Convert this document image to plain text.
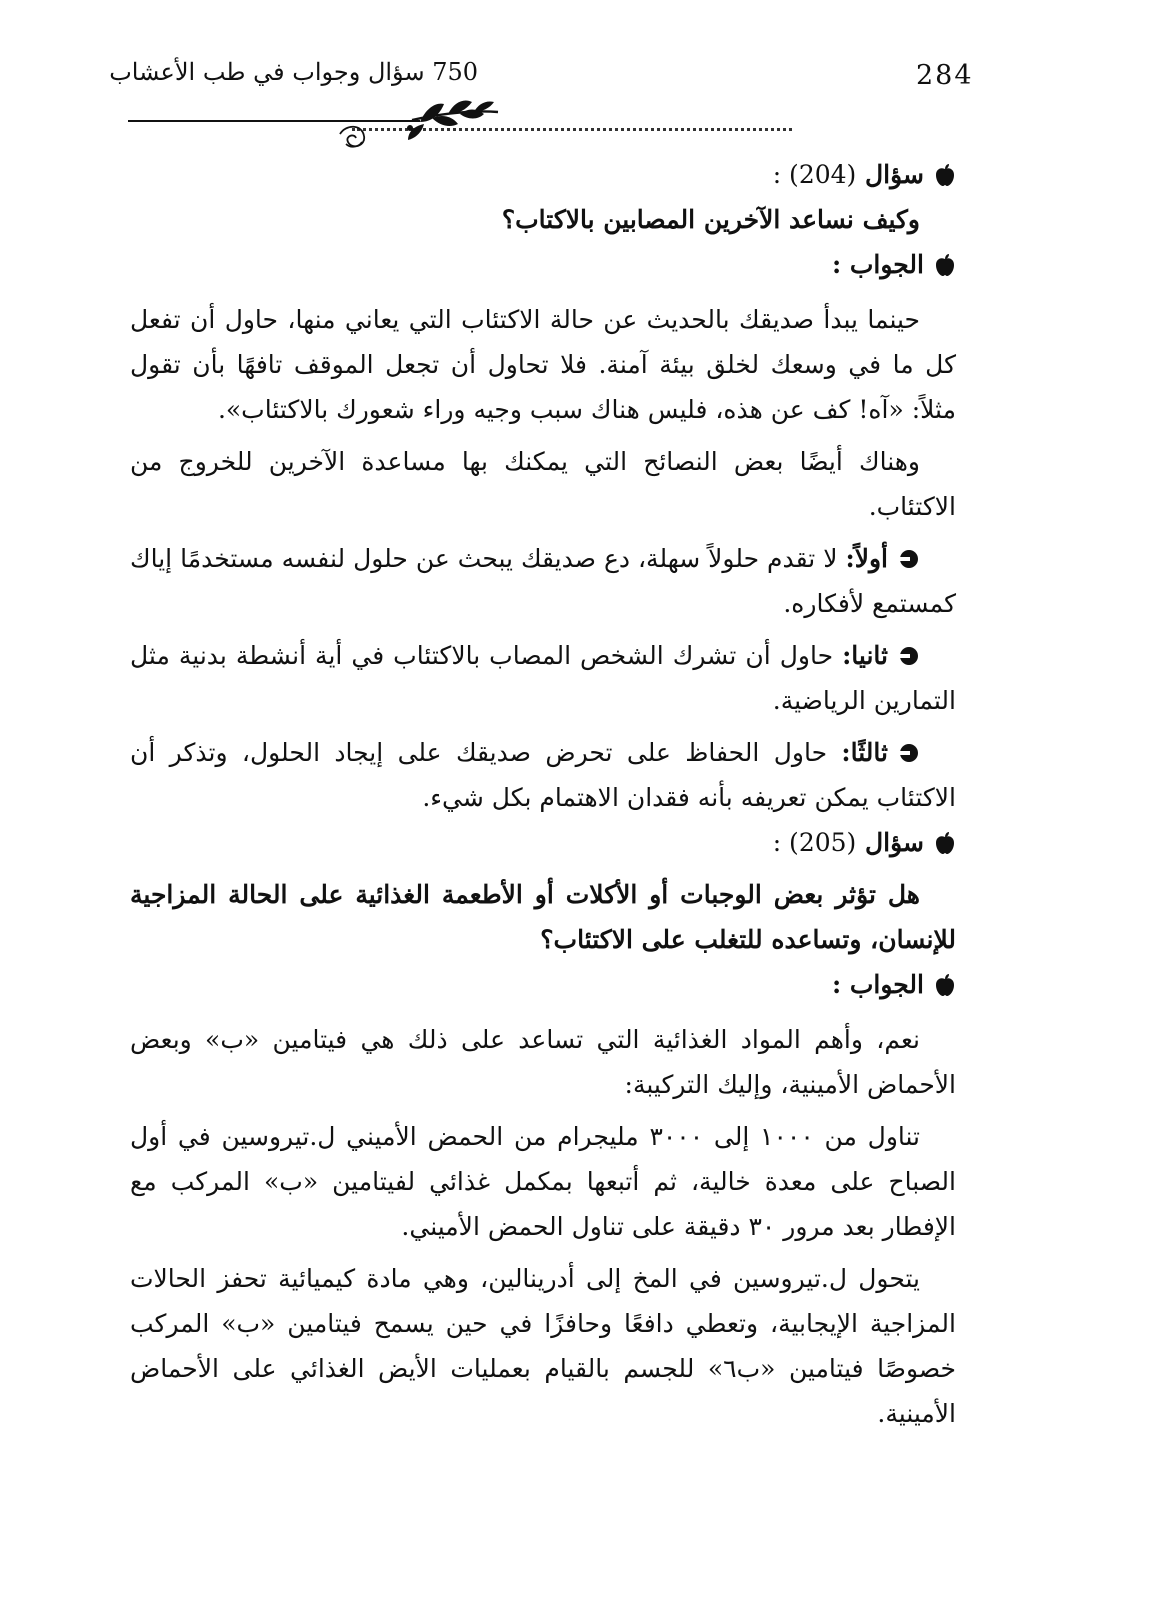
284
750 سؤال وجواب في طب الأعشاب

سؤال (204) :

وكيف نساعد الآخرين المصابين بالاكتاب؟

الجواب :

حينما يبدأ صديقك بالحديث عن حالة الاكتئاب التي يعاني منها، حاول أن تفعل كل ما في وسعك لخلق بيئة آمنة. فلا تحاول أن تجعل الموقف تافهًا بأن تقول مثلاً: «آه! كف عن هذه، فليس هناك سبب وجيه وراء شعورك بالاكتئاب».

وهناك أيضًا بعض النصائح التي يمكنك بها مساعدة الآخرين للخروج من الاكتئاب.

أولاً: لا تقدم حلولاً سهلة، دع صديقك يبحث عن حلول لنفسه مستخدمًا إياك كمستمع لأفكاره.

ثانيا: حاول أن تشرك الشخص المصاب بالاكتئاب في أية أنشطة بدنية مثل التمارين الرياضية.

ثالثًا: حاول الحفاظ على تحرض صديقك على إيجاد الحلول، وتذكر أن الاكتئاب يمكن تعريفه بأنه فقدان الاهتمام بكل شيء.

سؤال (205) :

هل تؤثر بعض الوجبات أو الأكلات أو الأطعمة الغذائية على الحالة المزاجية للإنسان، وتساعده للتغلب على الاكتئاب؟

الجواب :

نعم، وأهم المواد الغذائية التي تساعد على ذلك هي فيتامين «ب» وبعض الأحماض الأمينية، وإليك التركيبة:

تناول من ١٠٠٠ إلى ٣٠٠٠ مليجرام من الحمض الأميني ل.تيروسين في أول الصباح على معدة خالية، ثم أتبعها بمكمل غذائي لفيتامين «ب» المركب مع الإفطار بعد مرور ٣٠ دقيقة على تناول الحمض الأميني.

يتحول ل.تيروسين في المخ إلى أدرينالين، وهي مادة كيميائية تحفز الحالات المزاجية الإيجابية، وتعطي دافعًا وحافزًا في حين يسمح فيتامين «ب» المركب خصوصًا فيتامين «ب٦» للجسم بالقيام بعمليات الأيض الغذائي على الأحماض الأمينية.
